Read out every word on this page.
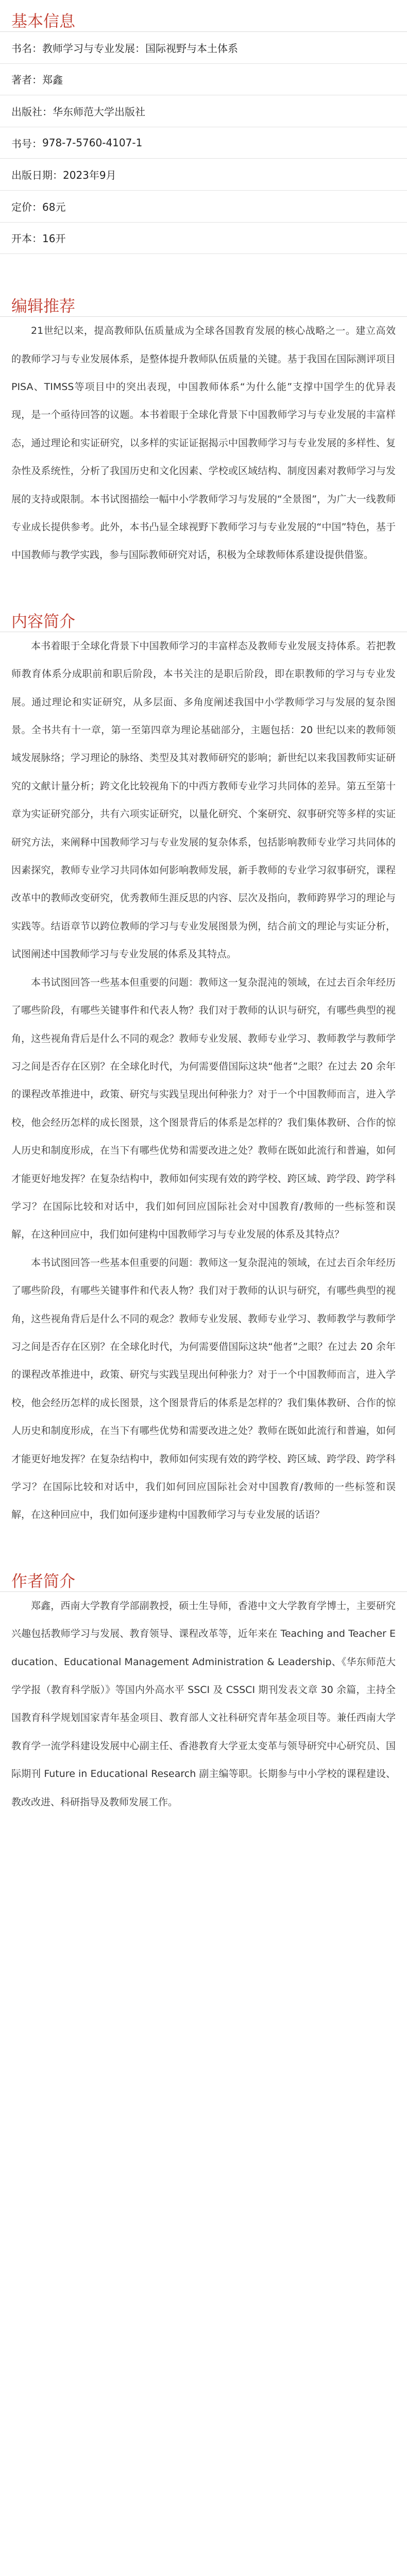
基本信息
书名： 教师学习与专业发展：国际视野与本土体系
著者： 郑鑫
出版社： 华东师范大学出版社
书号： 978-7-5760-4107-1
出版日期： 2023年9月
定价： 68元
开本： 16开
编辑推荐

21世纪以来，提高教师队伍质量成为全球各国教育发展的核心战略之一。建立高效的教师学习与专业发展体系，是整体提升教师队伍质量的关键。基于我国在国际测评项目PISA、TIMSS等项目中的突出表现，中国教师体系“为什么能”支撑中国学生的优异表现，是一个亟待回答的议题。本书着眼于全球化背景下中国教师学习与专业发展的丰富样态，通过理论和实证研究，以多样的实证证据揭示中国教师学习与专业发展的多样性、复杂性及系统性，分析了我国历史和文化因素、学校或区域结构、制度因素对教师学习与发展的支持或限制。本书试图描绘一幅中小学教师学习与发展的“全景图”，为广大一线教师专业成长提供参考。此外，本书凸显全球视野下教师学习与专业发展的“中国”特色，基于中国教师与教学实践，参与国际教师研究对话，积极为全球教师体系建设提供借鉴。

内容简介

本书着眼于全球化背景下中国教师学习的丰富样态及教师专业发展支持体系。若把教师教育体系分成职前和职后阶段，本书关注的是职后阶段，即在职教师的学习与专业发展。通过理论和实证研究，从多层面、多角度阐述我国中小学教师学习与发展的复杂图景。全书共有十一章，第一至第四章为理论基础部分，主题包括：20 世纪以来的教师领域发展脉络；学习理论的脉络、类型及其对教师研究的影响；新世纪以来我国教师实证研究的文献计量分析；跨文化比较视角下的中西方教师专业学习共同体的差异。第五至第十章为实证研究部分，共有六项实证研究，以量化研究、个案研究、叙事研究等多样的实证研究方法，来阐释中国教师学习与专业发展的复杂体系，包括影响教师专业学习共同体的因素探究，教师专业学习共同体如何影响教师发展，新手教师的专业学习叙事研究，课程改革中的教师改变研究，优秀教师生涯反思的内容、层次及指向，教师跨界学习的理论与实践等。结语章节以跨位教师的学习与专业发展图景为例，结合前文的理论与实证分析，试图阐述中国教师学习与专业发展的体系及其特点。

本书试图回答一些基本但重要的问题：教师这一复杂混沌的领域，在过去百余年经历了哪些阶段，有哪些关键事件和代表人物？我们对于教师的认识与研究，有哪些典型的视角，这些视角背后是什么不同的观念？教师专业发展、教师专业学习、教师教学与教师学习之间是否存在区别？在全球化时代，为何需要借国际这块“他者”之眼？在过去 20 余年的课程改革推进中，政策、研究与实践呈现出何种张力？对于一个中国教师而言，进入学校，他会经历怎样的成长图景，这个图景背后的体系是怎样的？我们集体教研、合作的惊人历史和制度形成，在当下有哪些优势和需要改进之处？教师在既如此流行和普遍，如何才能更好地发挥？在复杂结构中，教师如何实现有效的跨学校、跨区域、跨学段、跨学科学习？在国际比较和对话中，我们如何回应国际社会对中国教育/教师的一些标签和误解，在这种回应中，我们如何建构中国教师学习与专业发展的体系及其特点？

本书试图回答一些基本但重要的问题：教师这一复杂混沌的领域，在过去百余年经历了哪些阶段，有哪些关键事件和代表人物？我们对于教师的认识与研究，有哪些典型的视角，这些视角背后是什么不同的观念？教师专业发展、教师专业学习、教师教学与教师学习之间是否存在区别？在全球化时代，为何需要借国际这块“他者”之眼？在过去 20 余年的课程改革推进中，政策、研究与实践呈现出何种张力？对于一个中国教师而言，进入学校，他会经历怎样的成长图景，这个图景背后的体系是怎样的？我们集体教研、合作的惊人历史和制度形成，在当下有哪些优势和需要改进之处？教师在既如此流行和普遍，如何才能更好地发挥？在复杂结构中，教师如何实现有效的跨学校、跨区域、跨学段、跨学科学习？在国际比较和对话中，我们如何回应国际社会对中国教育/教师的一些标签和误解，在这种回应中，我们如何逐步建构中国教师学习与专业发展的话语？

作者简介

郑鑫，西南大学教育学部副教授，硕士生导师，香港中文大学教育学博士，主要研究兴趣包括教师学习与发展、教育领导、课程改革等，近年来在 Teaching and Teacher Education、Educational Management Administration & Leadership、《华东师范大学学报（教育科学版）》等国内外高水平 SSCI 及 CSSCI 期刊发表文章 30 余篇，主持全国教育科学规划国家青年基金项目、教育部人文社科研究青年基金项目等。兼任西南大学教育学一流学科建设发展中心副主任、香港教育大学亚太变革与领导研究中心研究员、国际期刊 Future in Educational Research 副主编等职。长期参与中小学校的课程建设、教改改进、科研指导及教师发展工作。
